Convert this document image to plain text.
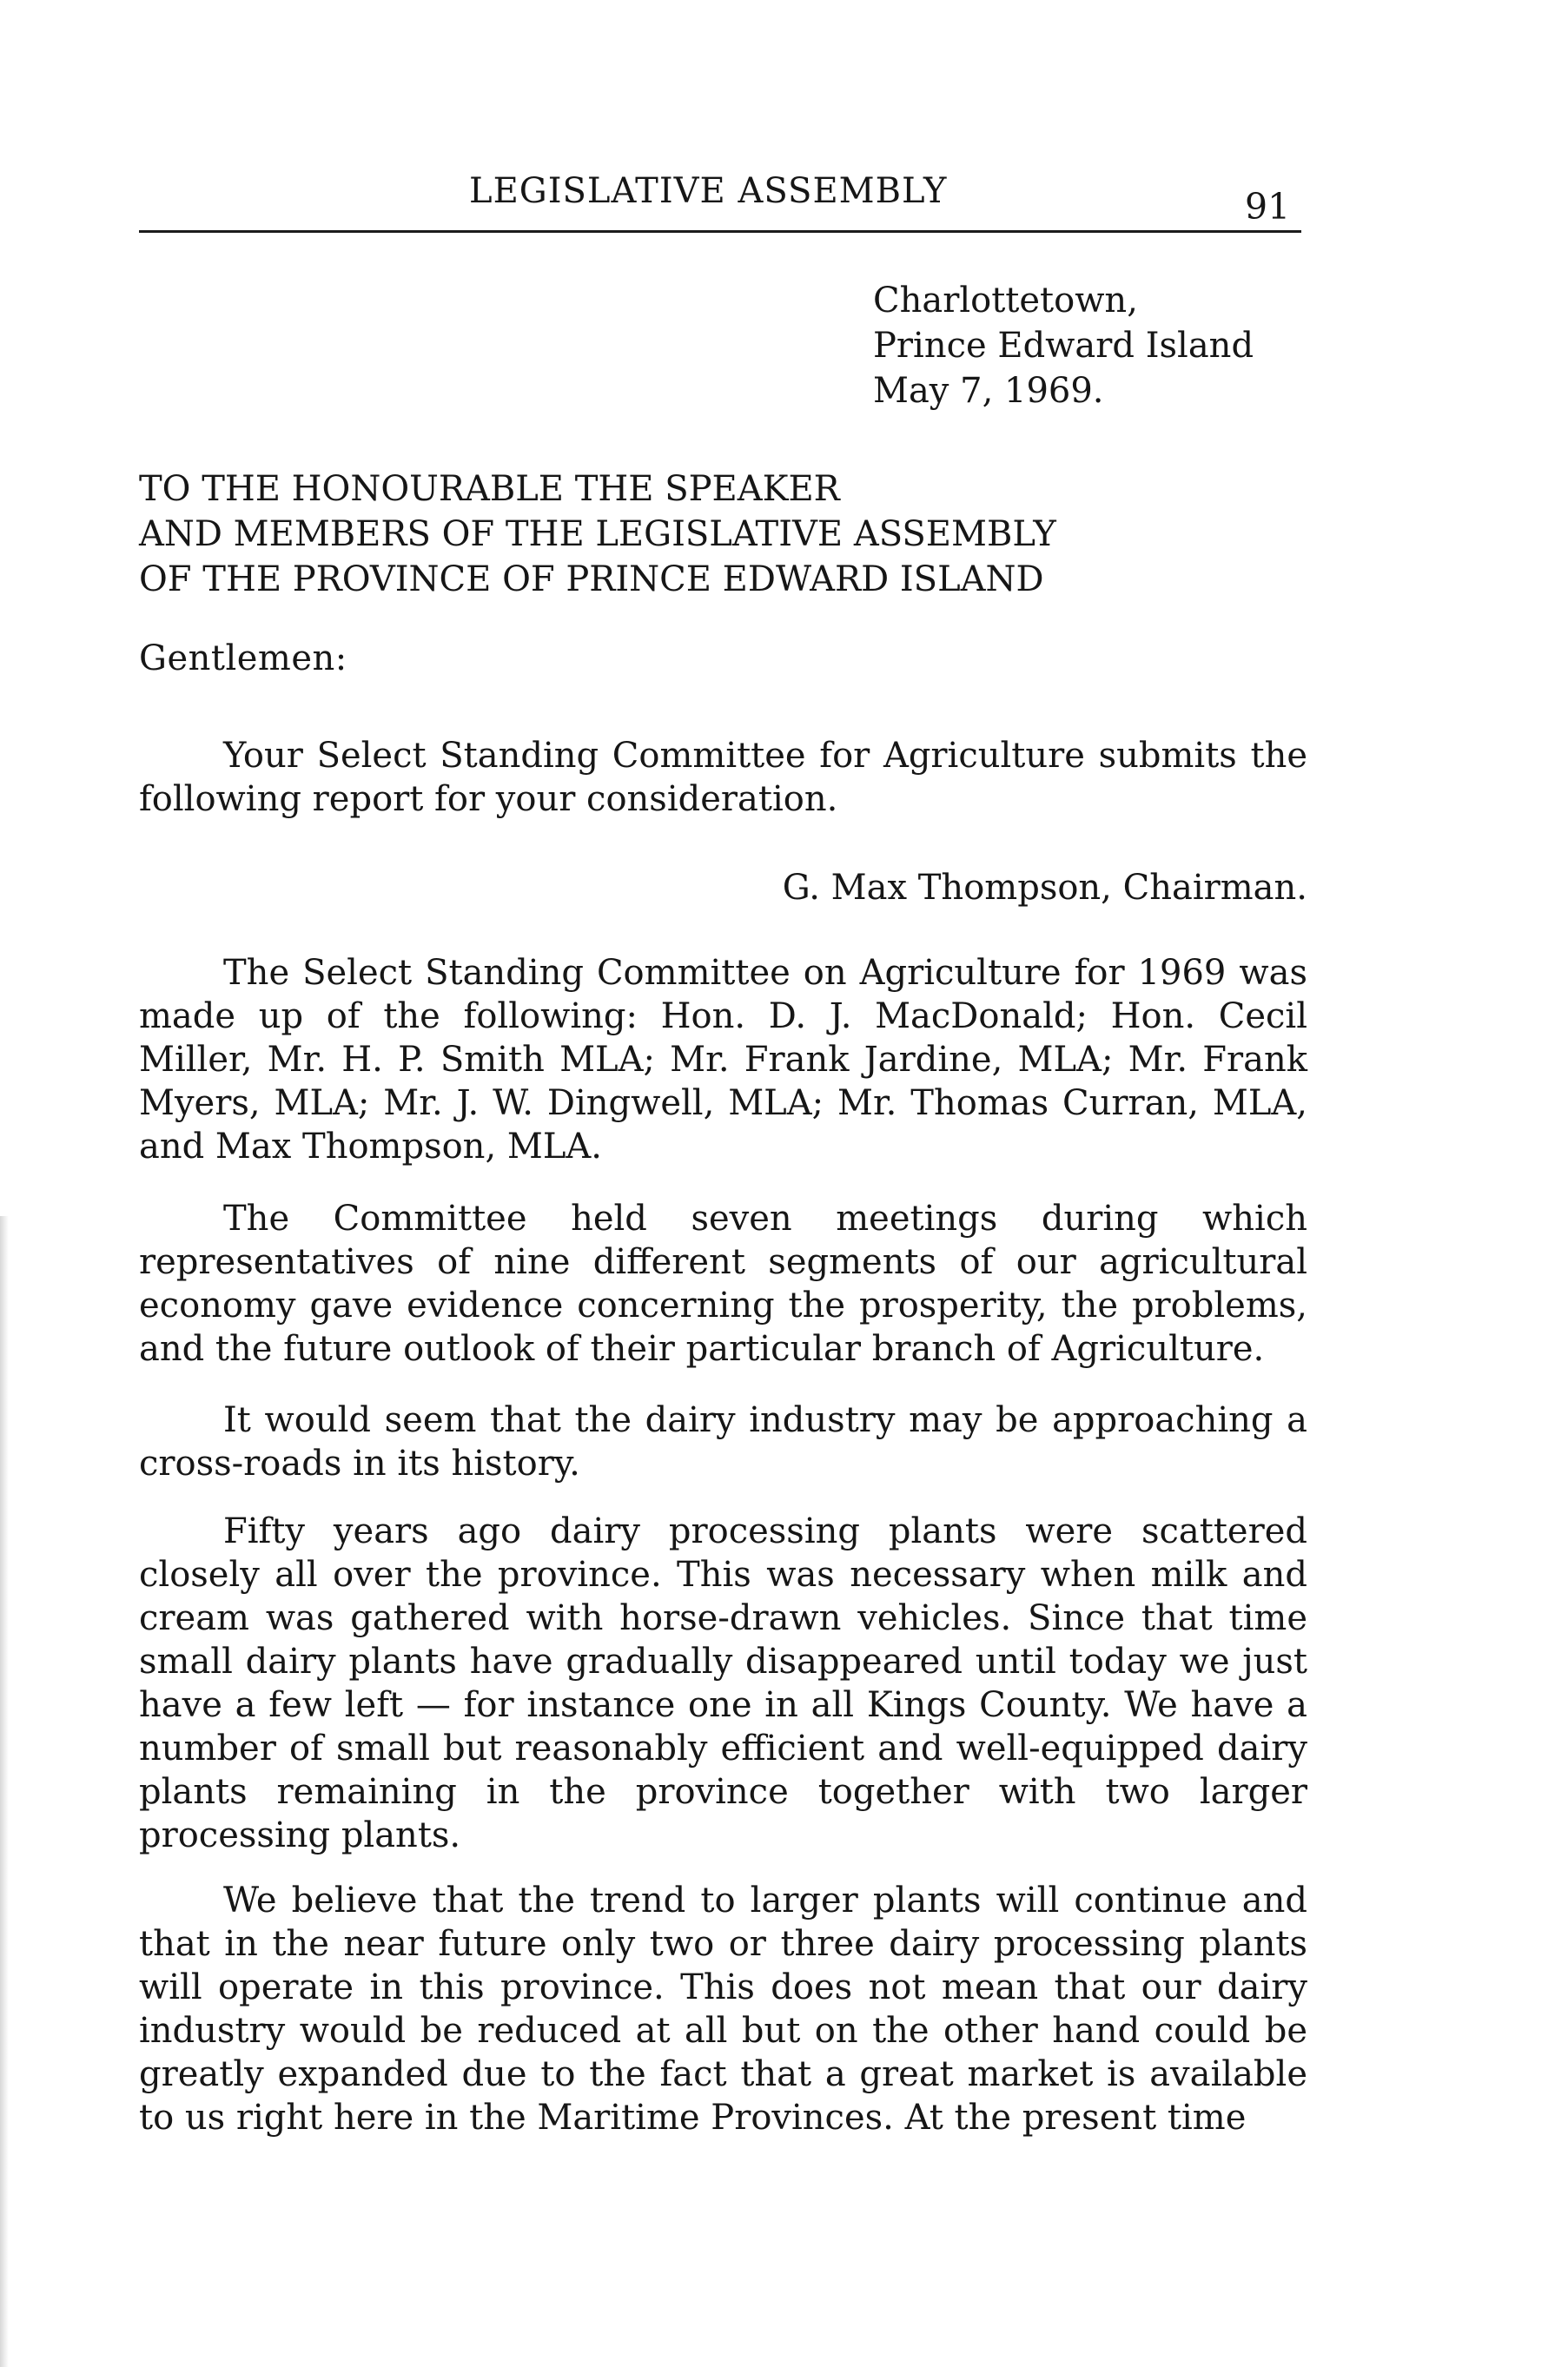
LEGISLATIVE ASSEMBLY	91
Charlottetown,
Prince Edward Island
May 7, 1969.
TO THE HONOURABLE THE SPEAKER
AND MEMBERS OF THE LEGISLATIVE ASSEMBLY
OF THE PROVINCE OF PRINCE EDWARD ISLAND
Gentlemen:

Your Select Standing Committee for Agriculture submits the following report for your consideration.

G. Max Thompson, Chairman.

The Select Standing Committee on Agriculture for 1969 was made up of the following: Hon. D. J. MacDonald; Hon. Cecil Miller, Mr. H. P. Smith MLA; Mr. Frank Jardine, MLA; Mr. Frank Myers, MLA; Mr. J. W. Dingwell, MLA; Mr. Thomas Curran, MLA, and Max Thompson, MLA.

The Committee held seven meetings during which representatives of nine different segments of our agricultural economy gave evidence concerning the prosperity, the problems, and the future outlook of their particular branch of Agriculture.

It would seem that the dairy industry may be approaching a cross-roads in its history.

Fifty years ago dairy processing plants were scattered closely all over the province. This was necessary when milk and cream was gathered with horse-drawn vehicles. Since that time small dairy plants have gradually disappeared until today we just have a few left — for instance one in all Kings County. We have a number of small but reasonably efficient and well-equipped dairy plants remaining in the province together with two larger processing plants.

We believe that the trend to larger plants will continue and that in the near future only two or three dairy processing plants will operate in this province. This does not mean that our dairy industry would be reduced at all but on the other hand could be greatly expanded due to the fact that a great market is available to us right here in the Maritime Provinces. At the present time
